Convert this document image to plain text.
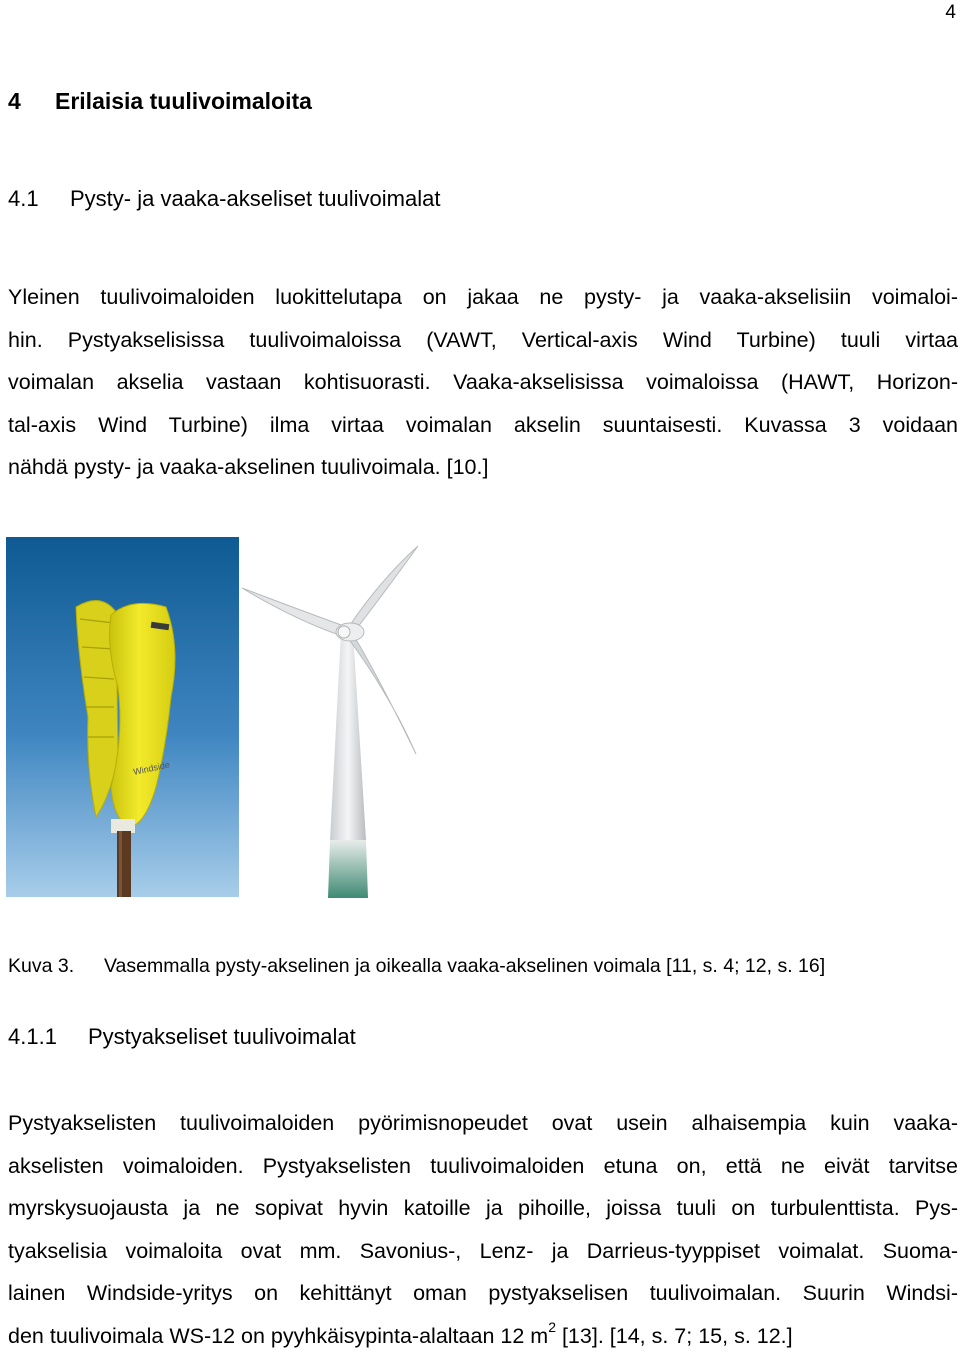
4
4 Erilaisia tuulivoimaloita
4.1 Pysty- ja vaaka-akseliset tuulivoimalat
Yleinen tuulivoimaloiden luokittelutapa on jakaa ne pysty- ja vaaka-akselisiin voimaloi-
hin. Pystyakselisissa tuulivoimaloissa (VAWT, Vertical-axis Wind Turbine) tuuli virtaa
voimalan akselia vastaan kohtisuorasti. Vaaka-akselisissa voimaloissa (HAWT, Horizon-
tal-axis Wind Turbine) ilma virtaa voimalan akselin suuntaisesti. Kuvassa 3 voidaan
nähdä pysty- ja vaaka-akselinen tuulivoimala. [10.]
Windside
Kuva 3. Vasemmalla pysty-akselinen ja oikealla vaaka-akselinen voimala [11, s. 4; 12, s. 16]
4.1.1 Pystyakseliset tuulivoimalat
Pystyakselisten tuulivoimaloiden pyörimisnopeudet ovat usein alhaisempia kuin vaaka-
akselisten voimaloiden. Pystyakselisten tuulivoimaloiden etuna on, että ne eivät tarvitse
myrskysuojausta ja ne sopivat hyvin katoille ja pihoille, joissa tuuli on turbulenttista. Pys-
tyakselisia voimaloita ovat mm. Savonius-, Lenz- ja Darrieus-tyyppiset voimalat. Suoma-
lainen Windside-yritys on kehittänyt oman pystyakselisen tuulivoimalan. Suurin Windsi-
den tuulivoimala WS-12 on pyyhkäisypinta-alaltaan 12 $m^2$ [13]. [14, s. 7; 15, s. 12.]
